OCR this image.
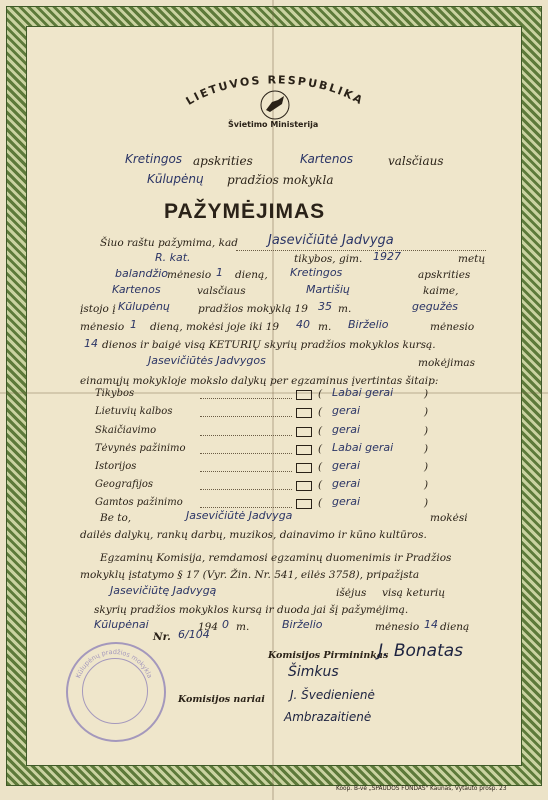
LIETUVOS RESPUBLIKA
Švietimo Ministerija
Kretingos apskrities	Kartenos	valsčiaus
Kūlupėnų pradžios mokykla
PAŽYMĖJIMAS
Šiuo raštu pažymima, kad Jasevičiūtė Jadvyga
R. kat.	tikybos, gim. 1927	metų
balandžio
mėnesio 1 dieną, Kretingos	apskrities
Kartenos	valsčiaus	Martišių	kaime,
įstojo į Kūlupėnų	pradžios mokyklą 19 35 m.	gegužės
mėnesio 1 dieną, mokėsi joje iki 19 40 m. Birželio	mėnesio
14 dienos ir baigė visą KETURIŲ skyrių pradžios mokyklos kursą.
Jasevičiūtės Jadvygos	mokėjimas
einamųjų mokykloje mokslo dalykų per egzaminus įvertintas šitaip:
Tikybos	( Labai gerai	)
Lietuvių kalbos	( gerai	)
Skaičiavimo	( gerai	)
Tėvynės pažinimo	( Labai gerai	)
Istorijos	( gerai	)
Geografijos	( gerai	)
Gamtos pažinimo	( gerai	)
Be to,	Jasevičiūtė Jadvyga	mokėsi
dailės dalykų, rankų darbų, muzikos, dainavimo ir kūno kultūros.
Egzaminų Komisija, remdamosi egzaminų duomenimis ir Pradžios
mokyklų įstatymo § 17 (Vyr. Žin. Nr. 541, eilės 3758), pripažįsta
Jasevičiūtę Jadvygą	išėjus visą keturių
skyrių pradžios mokyklos kursą ir duoda jai šį pažymėjimą.
Kūlupėnai	194 0 m.	Birželio	mėnesio 14 dieną
Nr. 6/104
Komisijos Pirmininkas
J. Bonatas
Komisijos nariai
Šimkus
J. Švedienienė
Ambrazaitienė
Kūlupėnų pradžios mokykla
Koop. B-vė „SPAUDOS FONDAS" Kaunas, Vytauto prosp. 23
